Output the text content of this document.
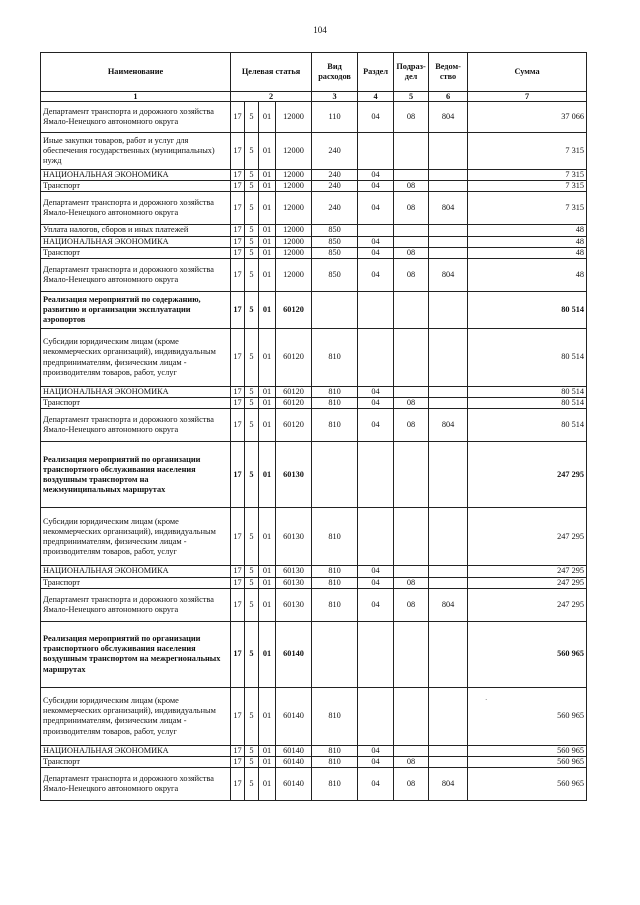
104
Наименование	Целевая статья				Вид расходов	Раздел	Подраз- дел	Ведом- ство	Сумма
1	2				3	4	5	6	7
Департамент транспорта и дорожного хозяйства Ямало-Ненецкого автономного округа	17	5	01	12000	110	04	08	804	37 066
Иные закупки товаров, работ и услуг для обеспечения государственных (муниципальных) нужд	17	5	01	12000	240				7 315
НАЦИОНАЛЬНАЯ ЭКОНОМИКА	17	5	01	12000	240	04			7 315
Транспорт	17	5	01	12000	240	04	08		7 315
Департамент транспорта и дорожного хозяйства Ямало-Ненецкого автономного округа	17	5	01	12000	240	04	08	804	7 315
Уплата налогов, сборов и иных платежей	17	5	01	12000	850				48
НАЦИОНАЛЬНАЯ ЭКОНОМИКА	17	5	01	12000	850	04			48
Транспорт	17	5	01	12000	850	04	08		48
Департамент транспорта и дорожного хозяйства Ямало-Ненецкого автономного округа	17	5	01	12000	850	04	08	804	48
Реализация мероприятий по содержанию, развитию и организации эксплуатации аэропортов	17	5	01	60120					80 514
Субсидии юридическим лицам (кроме некоммерческих организаций), индивидуальным предпринимателям, физическим лицам - производителям товаров, работ, услуг	17	5	01	60120	810				80 514
НАЦИОНАЛЬНАЯ ЭКОНОМИКА	17	5	01	60120	810	04			80 514
Транспорт	17	5	01	60120	810	04	08		80 514
Департамент транспорта и дорожного хозяйства Ямало-Ненецкого автономного округа	17	5	01	60120	810	04	08	804	80 514
Реализация мероприятий по организации транспортного обслуживания населения воздушным транспортом на межмуниципальных маршрутах	17	5	01	60130					247 295
Субсидии юридическим лицам (кроме некоммерческих организаций), индивидуальным предпринимателям, физическим лицам - производителям товаров, работ, услуг	17	5	01	60130	810				247 295
НАЦИОНАЛЬНАЯ ЭКОНОМИКА	17	5	01	60130	810	04			247 295
Транспорт	17	5	01	60130	810	04	08		247 295
Департамент транспорта и дорожного хозяйства Ямало-Ненецкого автономного округа	17	5	01	60130	810	04	08	804	247 295
Реализация мероприятий по организации транспортного обслуживания населения воздушным транспортом на межрегиональных маршрутах	17	5	01	60140					560 965
Субсидии юридическим лицам (кроме некоммерческих организаций), индивидуальным предпринимателям, физическим лицам - производителям товаров, работ, услуг	17	5	01	60140	810				560 965
НАЦИОНАЛЬНАЯ ЭКОНОМИКА	17	5	01	60140	810	04			560 965
Транспорт	17	5	01	60140	810	04	08		560 965
Департамент транспорта и дорожного хозяйства Ямало-Ненецкого автономного округа	17	5	01	60140	810	04	08	804	560 965
·
